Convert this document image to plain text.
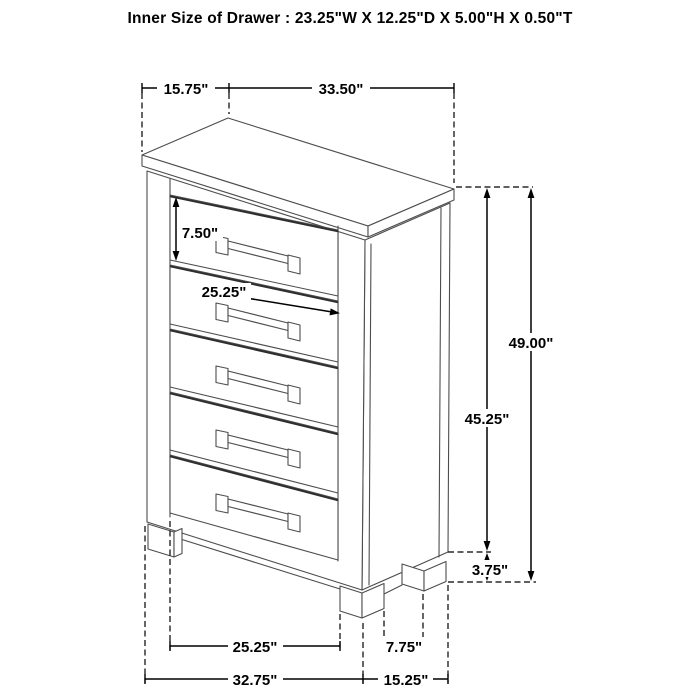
Inner Size of Drawer : 23.25"W X 12.25"D X 5.00"H X 0.50"T
15.75"	33.50"
7.50"
25.25"
45.25"
49.00"
3.75"
25.25"	7.75"
32.75"	15.25"
